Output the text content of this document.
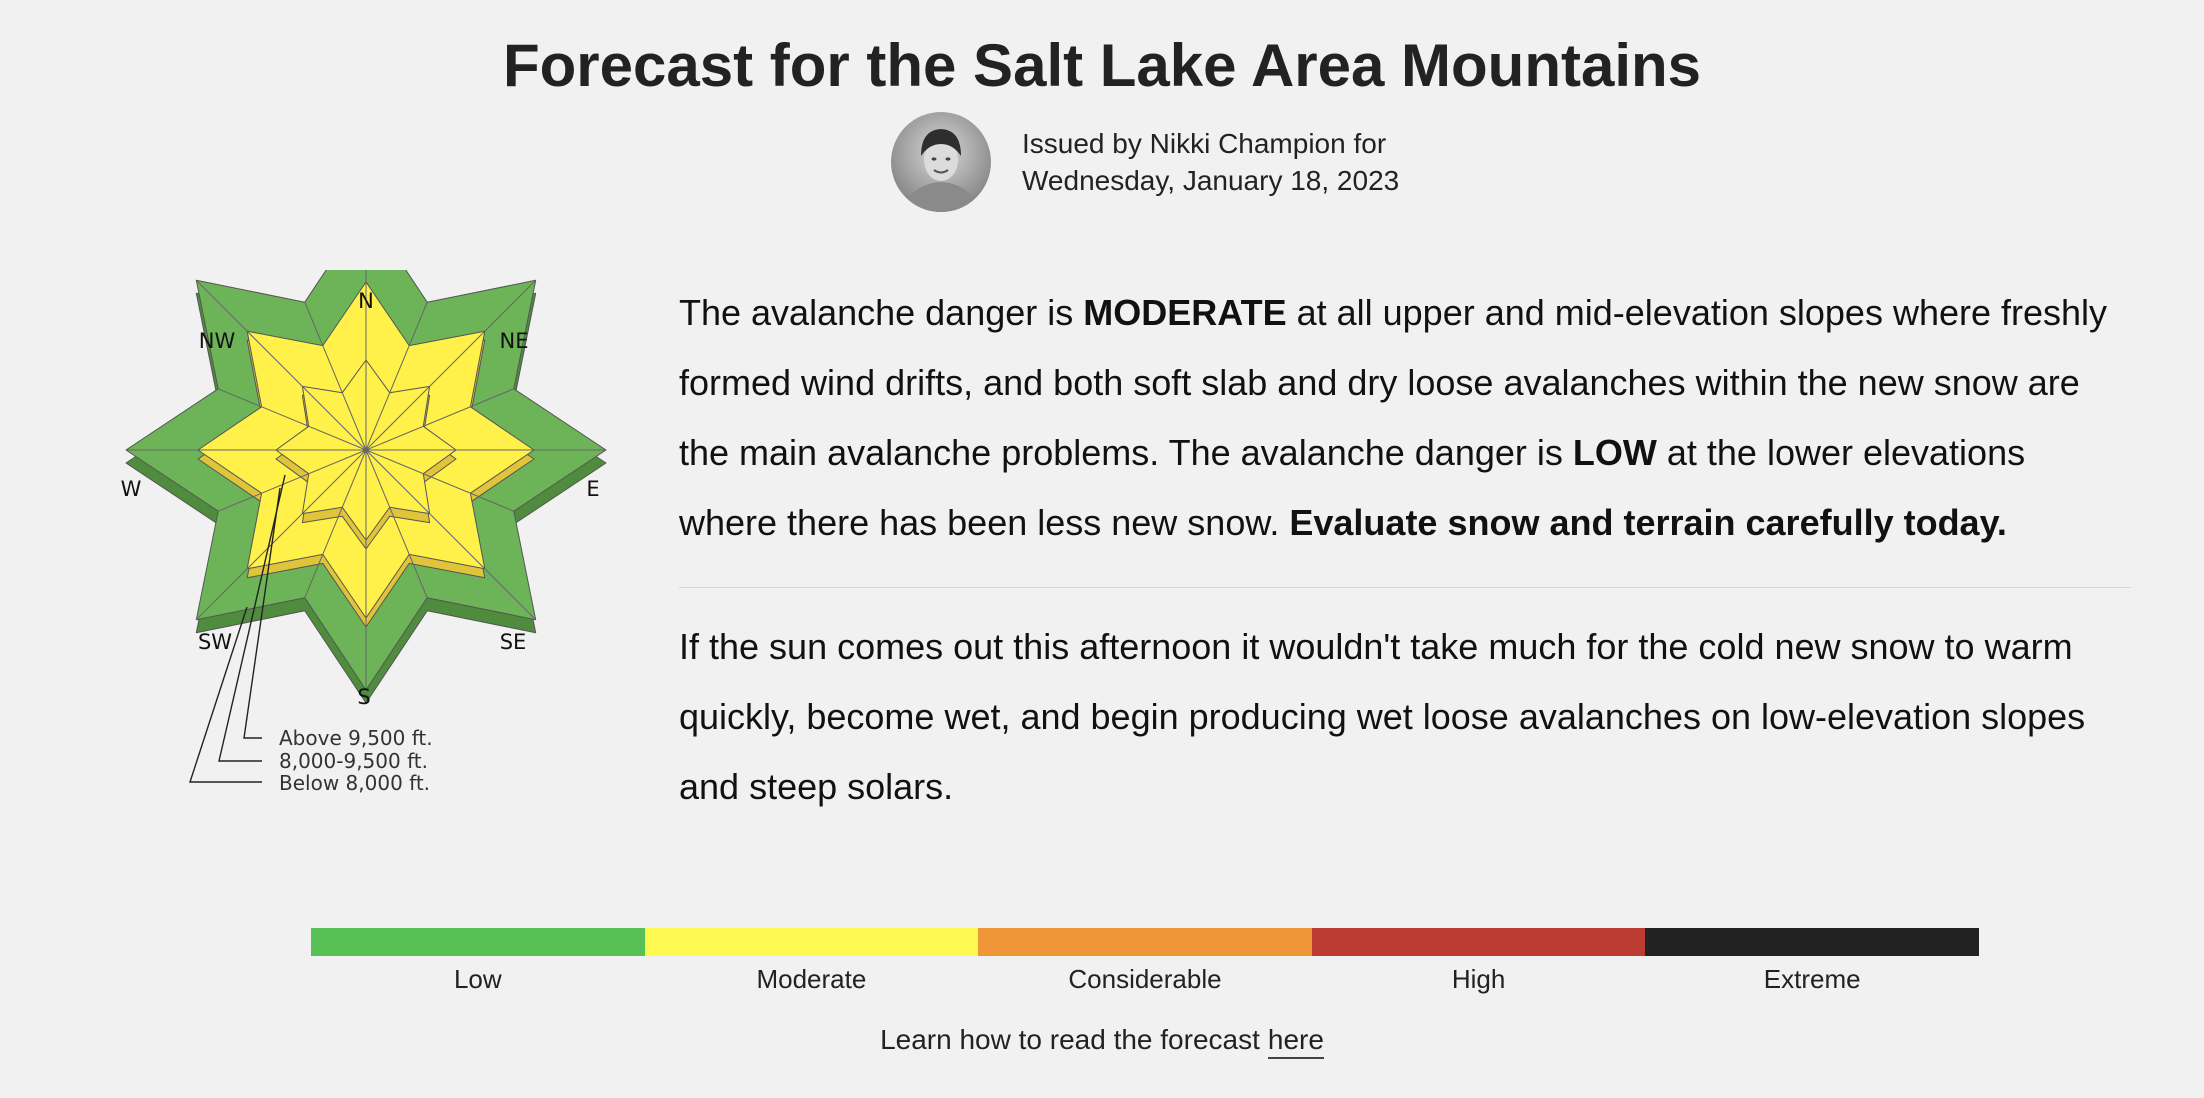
Forecast for the Salt Lake Area Mountains
Issued by Nikki Champion for
Wednesday, January 18, 2023
N
NW	NE
W	E
SW	SE
S
Above 9,500 ft.
8,000-9,500 ft.
Below 8,000 ft.

The avalanche danger is MODERATE at all upper and mid-elevation slopes where freshly formed wind drifts, and both soft slab and dry loose avalanches within the new snow are the main avalanche problems. The avalanche danger is LOW at the lower elevations where there has been less new snow. Evaluate snow and terrain carefully today.

If the sun comes out this afternoon it wouldn't take much for the cold new snow to warm quickly, become wet, and begin producing wet loose avalanches on low-elevation slopes and steep solars.

Low	Moderate	Considerable	High	Extreme
Learn how to read the forecast here
